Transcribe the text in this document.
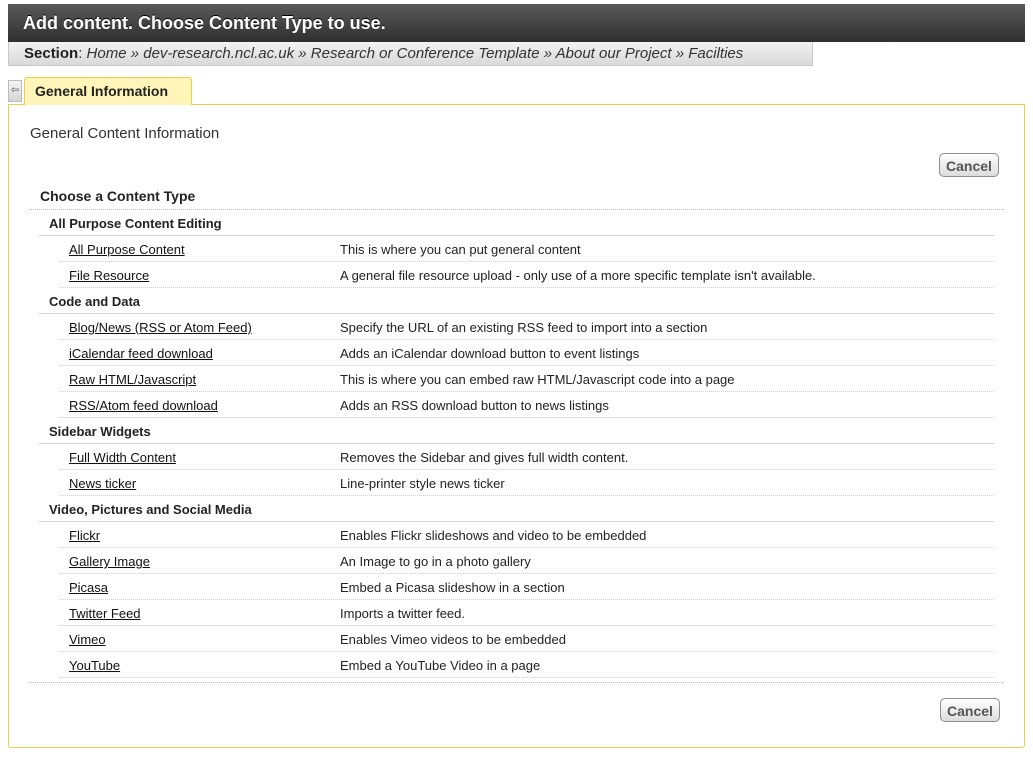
Add content. Choose Content Type to use.
Section: Home » dev-research.ncl.ac.uk » Research or Conference Template » About our Project » Facilties
⇦	General Information
General Content Information
Cancel
Choose a Content Type
All Purpose Content Editing
All Purpose Content	This is where you can put general content
File Resource	A general file resource upload - only use of a more specific template isn't available.
Code and Data
Blog/News (RSS or Atom Feed)	Specify the URL of an existing RSS feed to import into a section
iCalendar feed download	Adds an iCalendar download button to event listings
Raw HTML/Javascript	This is where you can embed raw HTML/Javascript code into a page
RSS/Atom feed download	Adds an RSS download button to news listings
Sidebar Widgets
Full Width Content	Removes the Sidebar and gives full width content.
News ticker	Line-printer style news ticker
Video, Pictures and Social Media
Flickr	Enables Flickr slideshows and video to be embedded
Gallery Image	An Image to go in a photo gallery
Picasa	Embed a Picasa slideshow in a section
Twitter Feed	Imports a twitter feed.
Vimeo	Enables Vimeo videos to be embedded
YouTube	Embed a YouTube Video in a page
Cancel
